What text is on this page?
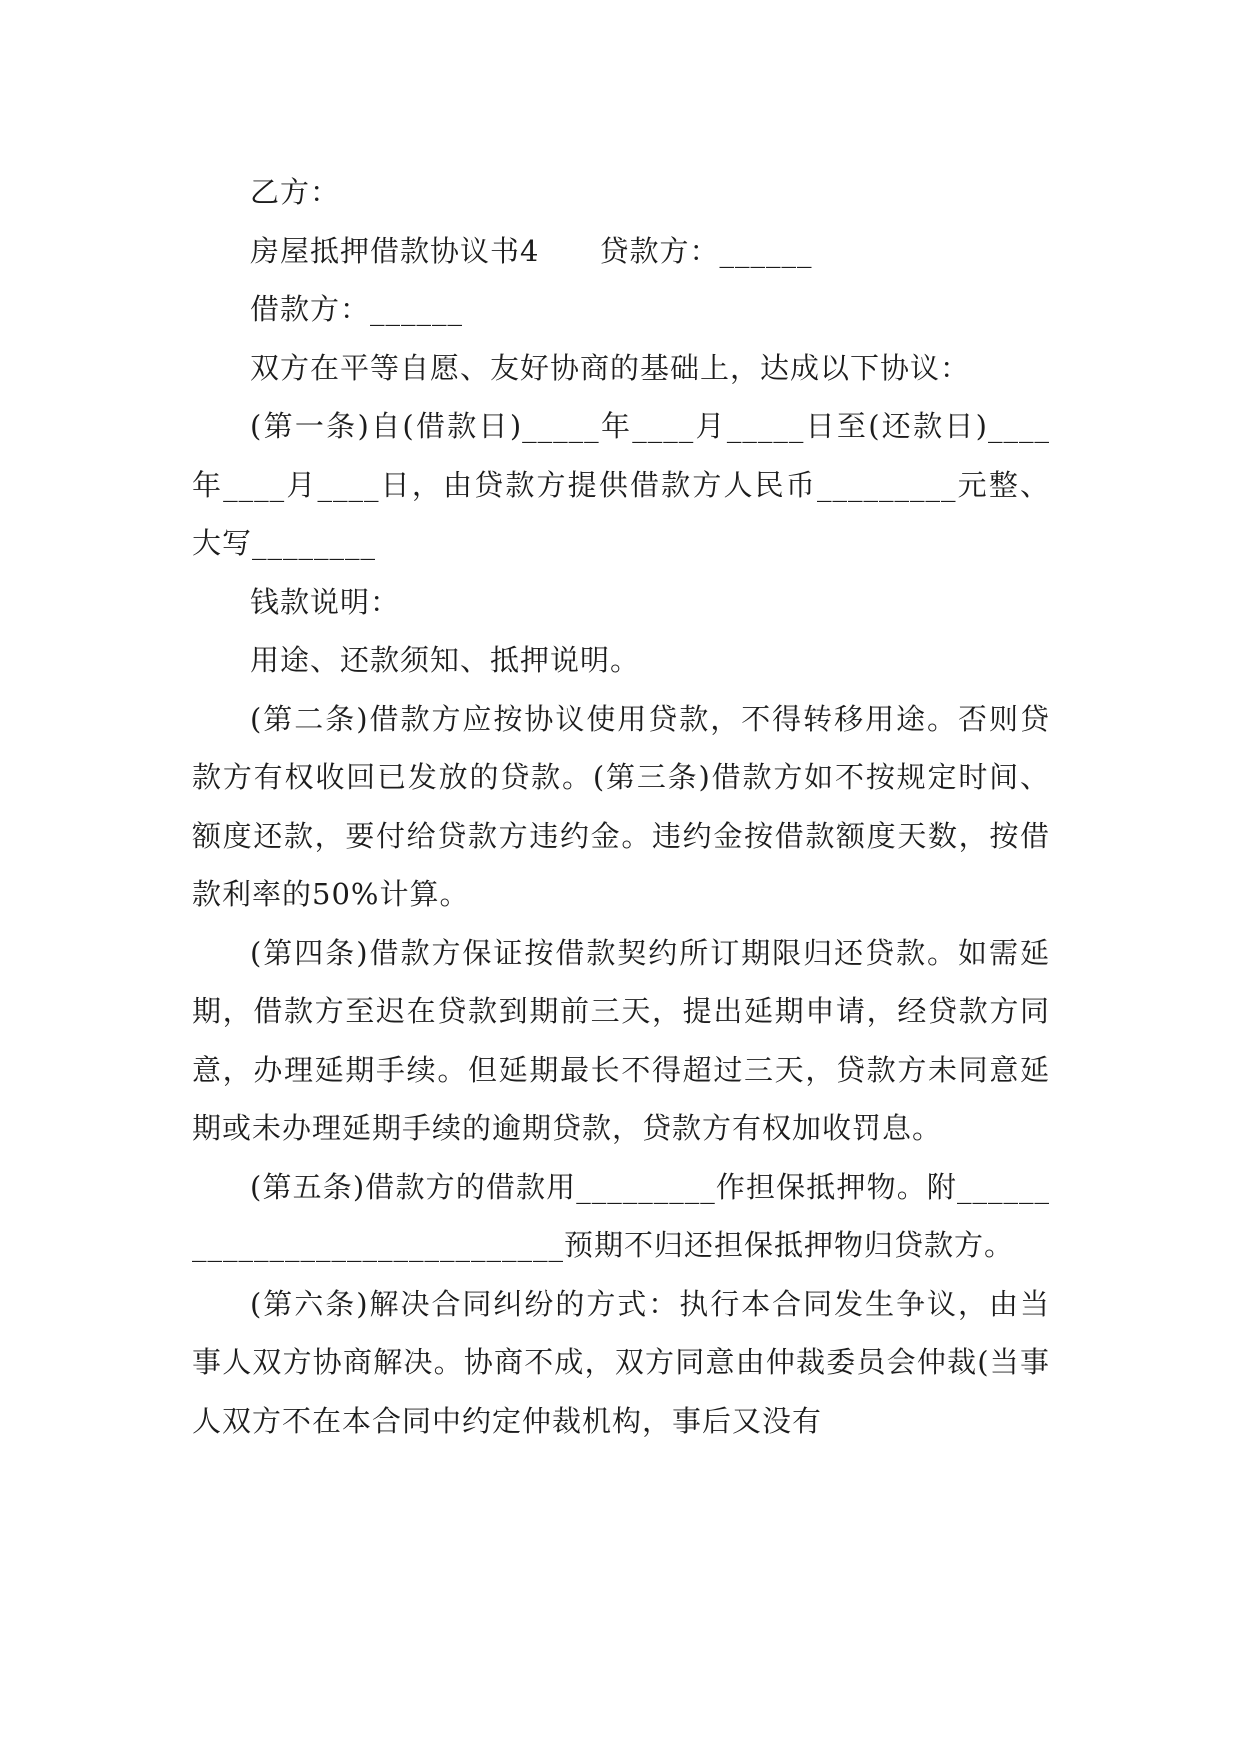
乙方：

房屋抵押借款协议书4　　贷款方：______

借款方：______

双方在平等自愿、友好协商的基础上，达成以下协议：

(第一条)自(借款日)_____年____月_____日至(还款日)____年____月____日，由贷款方提供借款方人民币_________元整、大写________

钱款说明：

用途、还款须知、抵押说明。

(第二条)借款方应按协议使用贷款，不得转移用途。否则贷款方有权收回已发放的贷款。(第三条)借款方如不按规定时间、额度还款，要付给贷款方违约金。违约金按借款额度天数，按借款利率的50%计算。

(第四条)借款方保证按借款契约所订期限归还贷款。如需延期，借款方至迟在贷款到期前三天，提出延期申请，经贷款方同意，办理延期手续。但延期最长不得超过三天，贷款方未同意延期或未办理延期手续的逾期贷款，贷款方有权加收罚息。

(第五条)借款方的借款用_________作担保抵押物。附______________________________预期不归还担保抵押物归贷款方。

(第六条)解决合同纠纷的方式：执行本合同发生争议，由当事人双方协商解决。协商不成，双方同意由仲裁委员会仲裁(当事人双方不在本合同中约定仲裁机构，事后又没有
